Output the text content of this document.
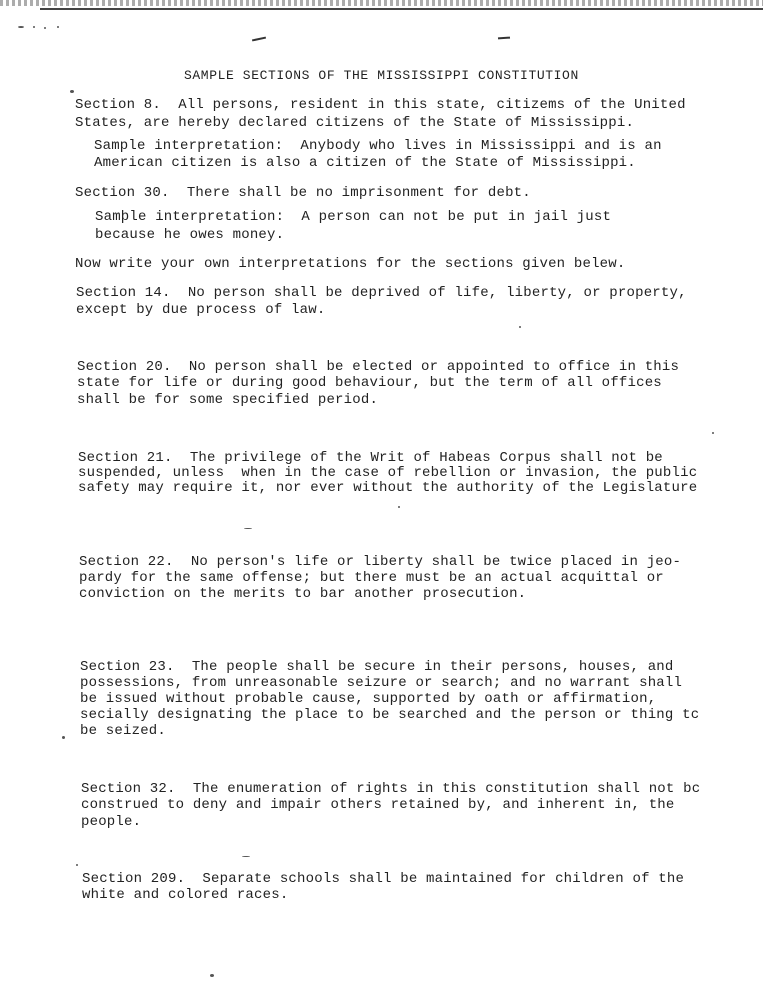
SAMPLE SECTIONS OF THE MISSISSIPPI CONSTITUTION
Section 8.  All persons, resident in this state, citizems of the United
States, are hereby declared citizens of the State of Mississippi.
Sample interpretation:  Anybody who lives in Mississippi and is an
American citizen is also a citizen of the State of Mississippi.
Section 30.  There shall be no imprisonment for debt.
Samþle interpretation:  A person can not be put in jail just
because he owes money.
Now write your own interpretations for the sections given belew.
Section 14.  No person shall be deprived of life, liberty, or property,
except by due process of law.
Section 20.  No person shall be elected or appointed to office in this
state for life or during good behaviour, but the term of all offices
shall be for some specified period.
Section 21.  The privilege of the Writ of Habeas Corpus shall not be
suspended, unless  when in the case of rebellion or invasion, the public
safety may require it, nor ever without the authority of the Legislature
Section 22.  No person's life or liberty shall be twice placed in jeo-
pardy for the same offense; but there must be an actual acquittal or
conviction on the merits to bar another prosecution.
Section 23.  The people shall be secure in their persons, houses, and
possessions, from unreasonable seizure or search; and no warrant shall
be issued without probable cause, supported by oath or affirmation,
secially designating the place to be searched and the person or thing tc
be seized.
Section 32.  The enumeration of rights in this constitution shall not bc
construed to deny and impair others retained by, and inherent in, the
people.
Section 209.  Separate schools shall be maintained for children of the
white and colored races.
